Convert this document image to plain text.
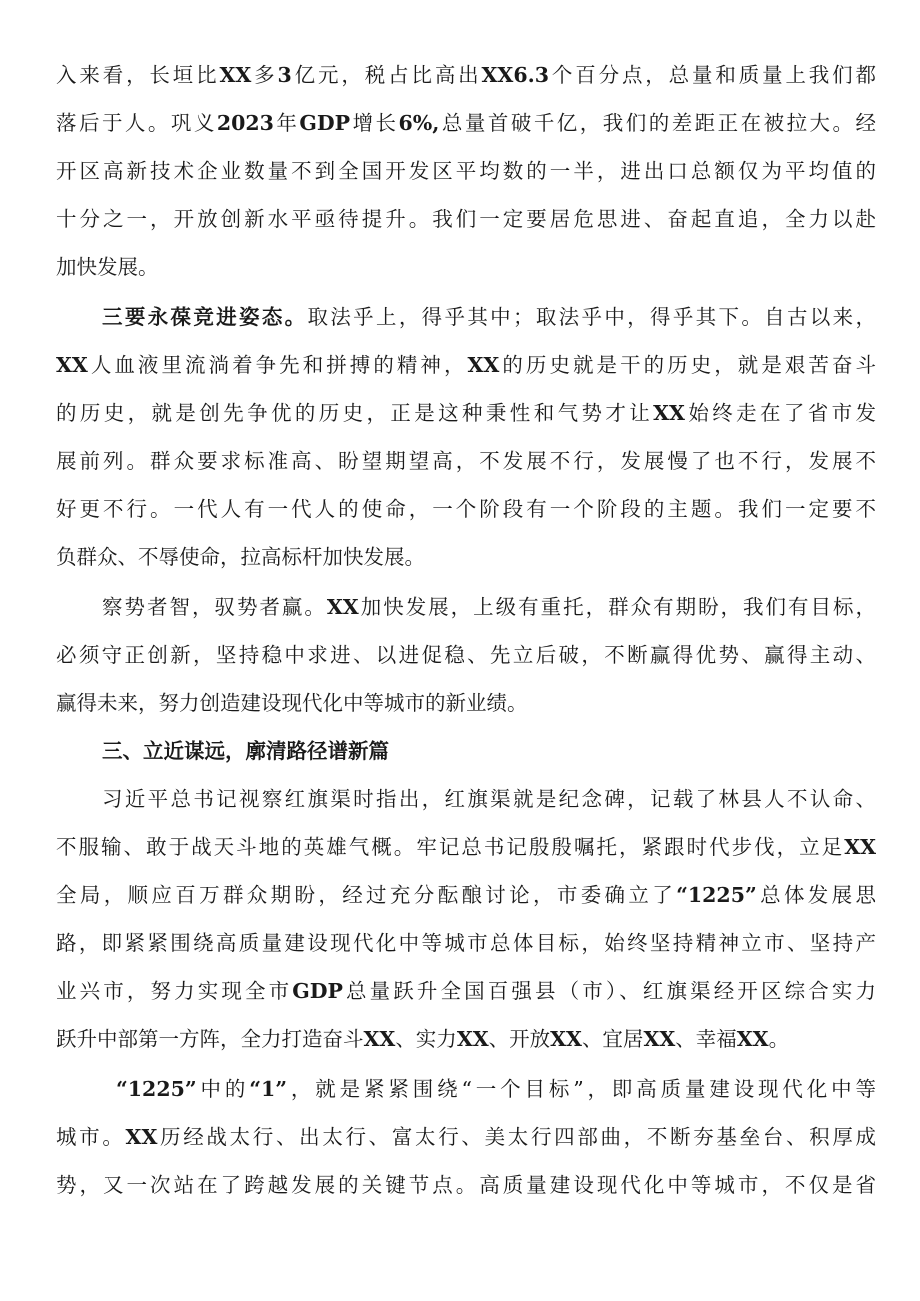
入来看，长垣比XX多3亿元，税占比高出XX6.3个百分点，总量和质量上我们都
落后于人。巩义2023年GDP增长6%,总量首破千亿，我们的差距正在被拉大。经
开区高新技术企业数量不到全国开发区平均数的一半，进出口总额仅为平均值的
十分之一，开放创新水平亟待提升。我们一定要居危思进、奋起直追，全力以赴
加快发展。
三要永葆竞进姿态。取法乎上，得乎其中；取法乎中，得乎其下。自古以来，
XX人血液里流淌着争先和拼搏的精神，XX的历史就是干的历史，就是艰苦奋斗
的历史，就是创先争优的历史，正是这种秉性和气势才让XX始终走在了省市发
展前列。群众要求标准高、盼望期望高，不发展不行，发展慢了也不行，发展不
好更不行。一代人有一代人的使命，一个阶段有一个阶段的主题。我们一定要不
负群众、不辱使命，拉高标杆加快发展。
察势者智，驭势者赢。XX加快发展，上级有重托，群众有期盼，我们有目标，
必须守正创新，坚持稳中求进、以进促稳、先立后破，不断赢得优势、赢得主动、
赢得未来，努力创造建设现代化中等城市的新业绩。
三、立近谋远，廓清路径谱新篇
习近平总书记视察红旗渠时指出，红旗渠就是纪念碑，记载了林县人不认命、
不服输、敢于战天斗地的英雄气概。牢记总书记殷殷嘱托，紧跟时代步伐，立足XX
全局，顺应百万群众期盼，经过充分酝酿讨论，市委确立了“1225”总体发展思
路，即紧紧围绕高质量建设现代化中等城市总体目标，始终坚持精神立市、坚持产
业兴市，努力实现全市GDP总量跃升全国百强县（市）、红旗渠经开区综合实力
跃升中部第一方阵，全力打造奋斗XX、实力XX、开放XX、宜居XX、幸福XX。
“1225”中的“1”，就是紧紧围绕“一个目标”，即高质量建设现代化中等
城市。XX历经战太行、出太行、富太行、美太行四部曲，不断夯基垒台、积厚成
势，又一次站在了跨越发展的关键节点。高质量建设现代化中等城市，不仅是省
